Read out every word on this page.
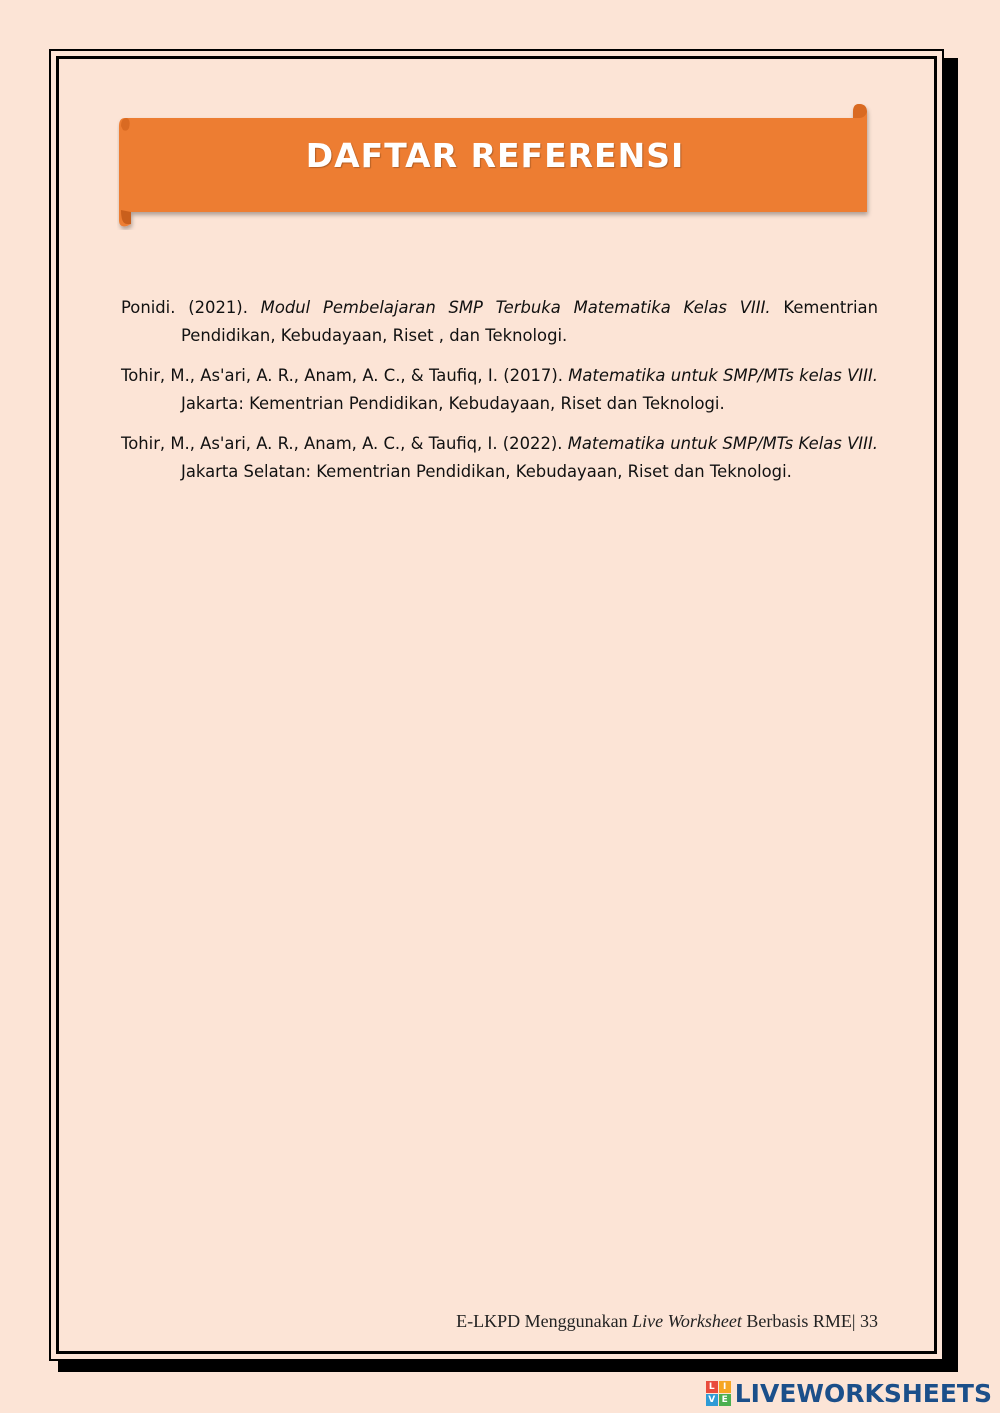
DAFTAR REFERENSI
Ponidi. (2021). Modul Pembelajaran SMP Terbuka Matematika Kelas VIII. Kementrian Pendidikan, Kebudayaan, Riset , dan Teknologi.
Tohir, M., As'ari, A. R., Anam, A. C., & Taufiq, I. (2017). Matematika untuk SMP/MTs kelas VIII. Jakarta: Kementrian Pendidikan, Kebudayaan, Riset dan Teknologi.
Tohir, M., As'ari, A. R., Anam, A. C., & Taufiq, I. (2022). Matematika untuk SMP/MTs Kelas VIII. Jakarta Selatan: Kementrian Pendidikan, Kebudayaan, Riset dan Teknologi.
E-LKPD Menggunakan Live Worksheet Berbasis RME| 33
L I
V E LIVEWORKSHEETS
